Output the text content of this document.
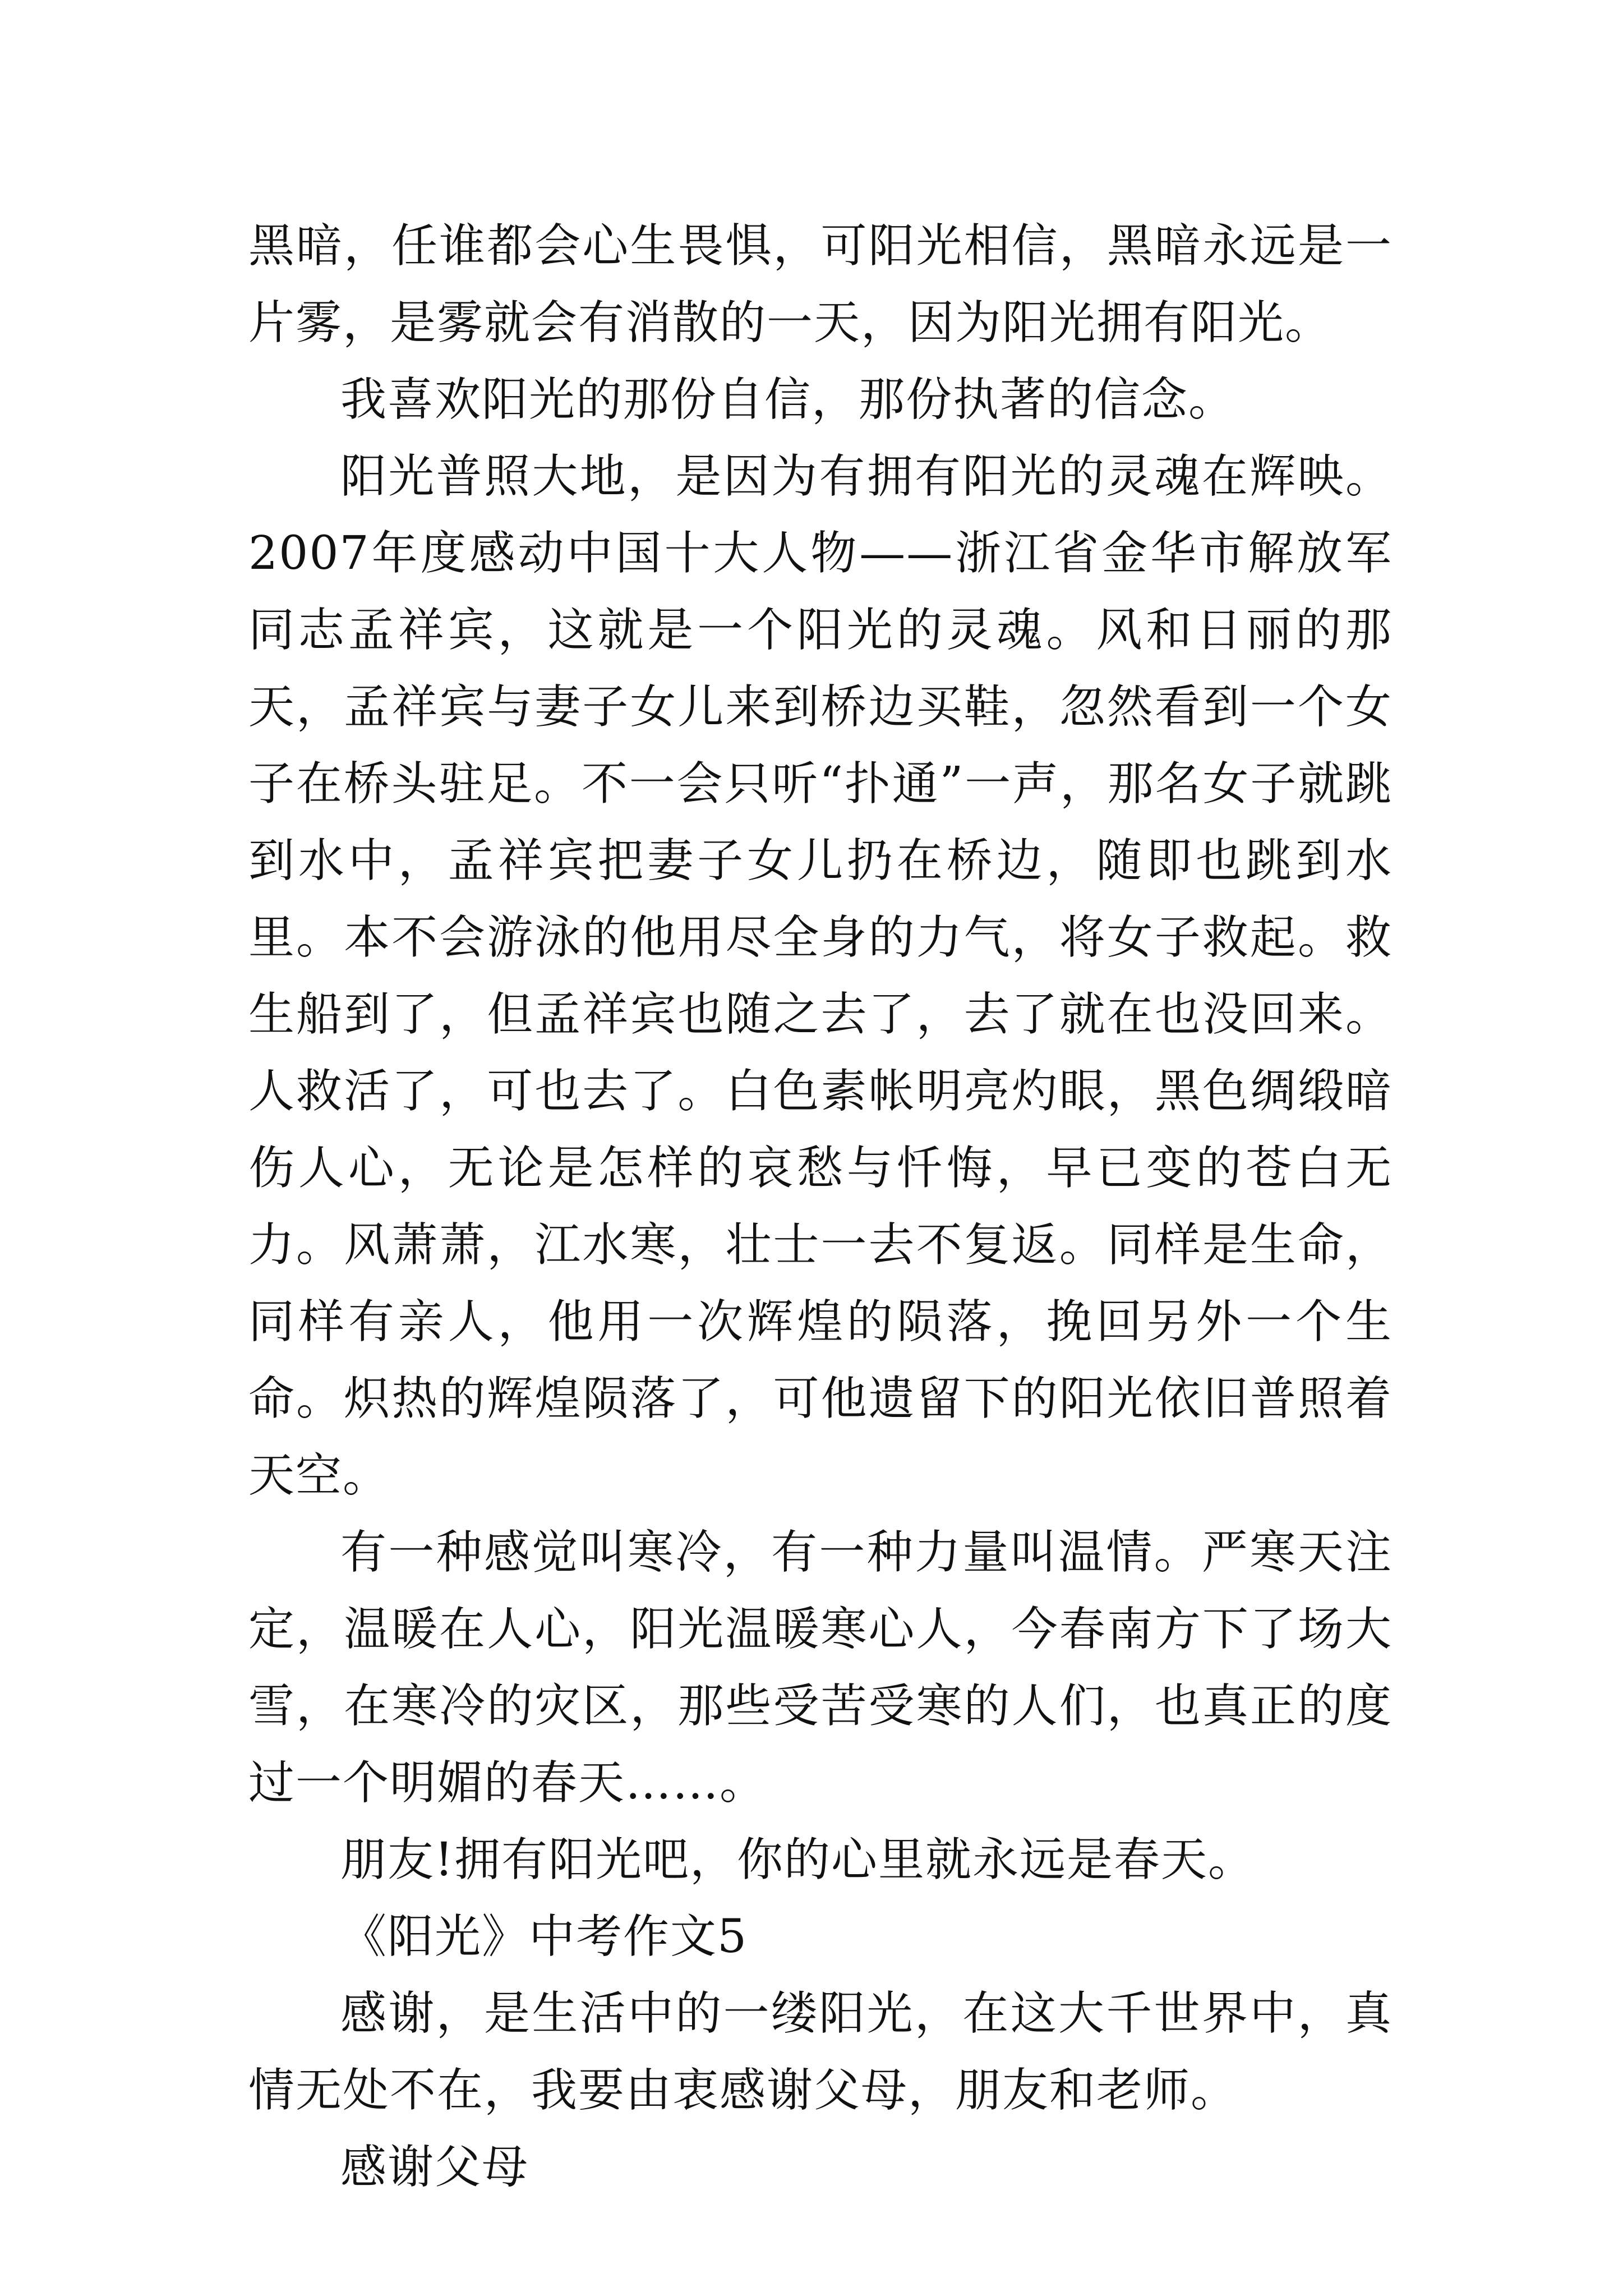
黑暗，任谁都会心生畏惧，可阳光相信，黑暗永远是一片雾，是雾就会有消散的一天，因为阳光拥有阳光。

我喜欢阳光的那份自信，那份执著的信念。

阳光普照大地，是因为有拥有阳光的灵魂在辉映。2007年度感动中国十大人物——浙江省金华市解放军同志孟祥宾，这就是一个阳光的灵魂。风和日丽的那天，孟祥宾与妻子女儿来到桥边买鞋，忽然看到一个女子在桥头驻足。不一会只听“扑通”一声，那名女子就跳到水中，孟祥宾把妻子女儿扔在桥边，随即也跳到水里。本不会游泳的他用尽全身的力气，将女子救起。救生船到了，但孟祥宾也随之去了，去了就在也没回来。人救活了，可也去了。白色素帐明亮灼眼，黑色绸缎暗伤人心，无论是怎样的哀愁与忏悔，早已变的苍白无力。风萧萧，江水寒，壮士一去不复返。同样是生命，同样有亲人，他用一次辉煌的陨落，挽回另外一个生命。炽热的辉煌陨落了，可他遗留下的阳光依旧普照着天空。

有一种感觉叫寒冷，有一种力量叫温情。严寒天注定，温暖在人心，阳光温暖寒心人，今春南方下了场大雪，在寒冷的灾区，那些受苦受寒的人们，也真正的度过一个明媚的春天……。

朋友!拥有阳光吧，你的心里就永远是春天。

《阳光》中考作文5

感谢，是生活中的一缕阳光，在这大千世界中，真情无处不在，我要由衷感谢父母，朋友和老师。

感谢父母
